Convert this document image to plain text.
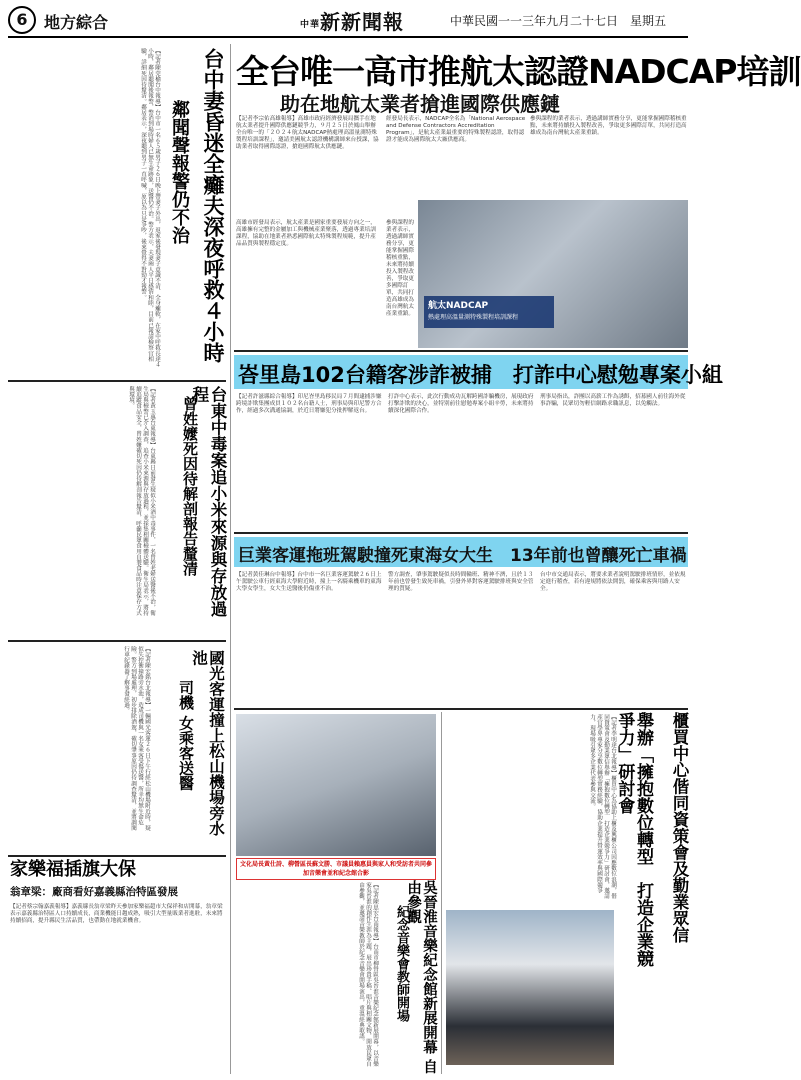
6	地方綜合	中華新新聞報	中華民國一一三年九月二十七日　星期五
【記者陳莞榆台中報導】台中市一名６５歲男子２６日晚上帶妻子外出，返家後發現妻子意識不清、全身癱軟，在家中呼救長達４小時，鄰居聽聞後報警，警消到場時婦人已無生命跡象，送醫仍不治。警方表示，夫妻兩人平日感情和睦，目前已報請檢察官相驗，詳細死因待釐清。鄰居表示，深夜聽到男子一直呼喊，原以為只是爭吵，後來覺得不對勁才報警。	台中妻昏迷全癱夫深夜呼救４小時
鄰聞聲報警仍不治
【記者黃玉惠台東報導】台東縣日前發生疑似小米酒中毒事件，一名曾姓老婦送醫後不治，衛生局與檢警已介入調查，追查小米來源與存放過程，並採集相關檢體送驗。衛生局表示，將持續追蹤食品安全，曾姓嬤確切死因仍待解剖報告釐清，呼籲民眾食用自製食品時注意保存方式與環境。	台東中毒案追小米來源與存放過程
曾姓嬤死因待解剖報告釐清
【記者陳宏銘台北報導】一輛國光客運２６日下午行經松山機場附近時，疑似失控衝撞路旁水池，造成司機與一名女乘客受傷送醫，所幸均無生命危險。警方到場處理，初步排除酒駕，確切肇事原因仍待調查釐清，並將調閱行車紀錄器了解事發經過。	國光客運撞上松山機場旁水池
司機 女乘客送醫
家樂福插旗大保
翁章梁：廠商看好嘉義縣治特區發展
【記者蔡宗翰嘉義報導】嘉義縣長翁章梁昨天參加家樂福超市大保祥和店開幕，翁章梁表示嘉義縣治特區人口持續成長，商業機能日趨成熟，吸引大型量販業者進駐，未來將持續招商，提升縣民生活品質，也帶動在地就業機會。
全台唯一高市推航太認證NADCAP培訓
助在地航太業者搶進國際供應鏈
【記者李宗佑高雄報導】高雄市政府經濟發展局攜手在地航太業者提升國際供應鏈競爭力，９月２５日於鳳山舉辦全台唯一的「２０２４航太NADCAP熱處理高溫量測特殊製程培訓課程」，邀請美國航太認證機構講師來台授課，協助業者取得國際認證，搶進國際航太供應鏈。
高雄市經發局表示，航太產業是國家重要發展方向之一，高雄擁有完整的金屬加工與機械產業聚落，透過專業培訓課程，協助在地業者熟悉國際航太特殊製程規範，提升產品品質與製程穩定度。
經發局長表示，NADCAP全名為「National Aerospace and Defense Contractors Accreditation Program」，是航太產業最重要的特殊製程認證，取得認證才能成為國際航太大廠供應商。
參與課程的業者表示，透過講師實務分享，更能掌握國際稽核重點，未來將持續投入製程改善，爭取更多國際訂單，共同打造高雄成為南台灣航太產業重鎮。
參與課程的業者表示，透過講師實務分享，更能掌握國際稽核重點，未來將持續投入製程改善，爭取更多國際訂單，共同打造高雄成為南台灣航太產業重鎮。
航太NADCAP
熱處理高溫量測特殊製程培訓課程
峇里島102台籍客涉詐被捕　打詐中心慰勉專案小組
【記者許滋縣綜合報導】印尼峇里島移民局７月間逮捕涉嫌跨境詐欺集團成員１０２名台籍人士，刑事局與印尼警方合作，經過多次溝通協調，於近日將嫌犯分批押解返台。
打詐中心表示，此次行動成功瓦解跨國詐騙機房，展現政府打擊詐欺的決心，並特別前往慰勉專案小組辛勞，未來將持續深化國際合作。
刑事局指出，詐團以高薪工作為誘餌，招募國人前往海外從事詐騙，民眾切勿輕信網路求職訊息，以免觸法。
巨業客運拖班駕駛撞死東海女大生　13年前也曾釀死亡車禍
【記者黃佳琳台中報導】台中市一名巨業客運駕駛２６日上午駕駛公車行經東海大學附近時，撞上一名騎乘機車的東海大學女學生，女大生送醫後仍傷重不治。
警方調查，肇事駕駛疑似長時間輪班、精神不濟，且於１３年前也曾發生致死車禍，引發外界對客運駕駛排班與安全管理的質疑。
台中市交通局表示，將要求業者說明駕駛排班情形，並依規定進行稽查，若有違規將依法開罰，確保乘客與用路人安全。
文化局長黃仕詩、柳營區長蘇文勝、市議員賴惠員與家人和受訪者共同參加音樂會並和紀念館合影
【記者陳思宏台南報導】台南市柳營區吳晉淮音樂紀念館新展開幕，以音樂家吳晉淮的創作生涯為主題，展出珍貴手稿、唱片與相關文物，開放民眾自由參觀，並邀請音樂教師於紀念音樂會開場演出，重溫經典歌謠。	吳晉淮音樂紀念館新展開幕 自由參觀
紀念音樂會教師開場
【記者李明達台北報導】櫃買中心為協助上櫃及興櫃公司因應數位浪潮，偕同資策會及勤業眾信舉辦「擁抱數位轉型　打造企業競爭力」研討會，邀請產官學界專家分享數位轉型實務經驗，協助企業提升營運效率與國際競爭力，現場吸引眾多企業代表參與交流。	舉辦「擁抱數位轉型　打造企業競爭力」研討會	櫃買中心偕同資策會及勤業眾信
